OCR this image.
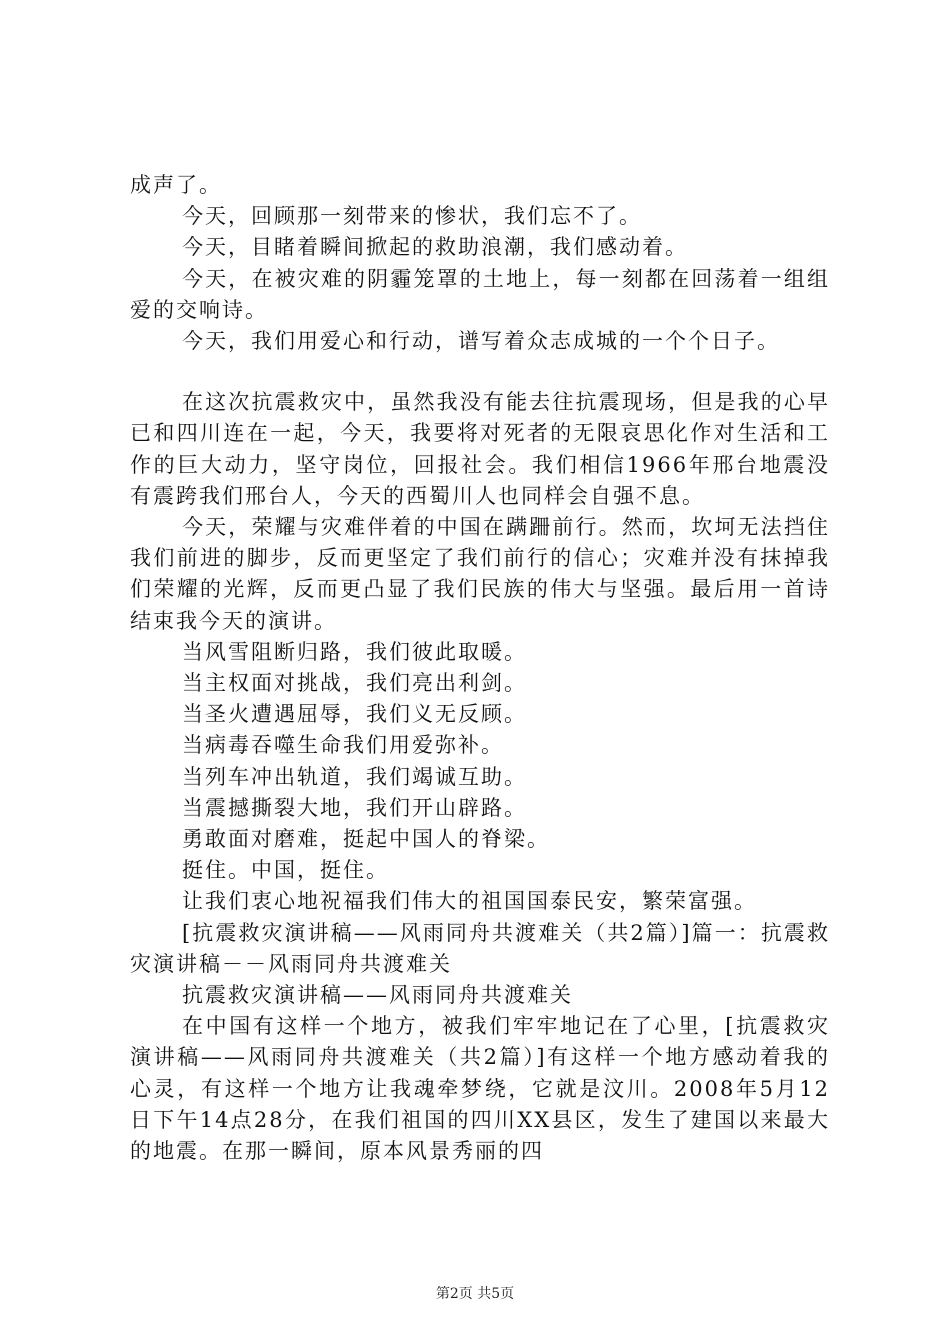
成声了。

今天，回顾那一刻带来的惨状，我们忘不了。

今天，目睹着瞬间掀起的救助浪潮，我们感动着。

今天，在被灾难的阴霾笼罩的土地上，每一刻都在回荡着一组组爱的交响诗。

今天，我们用爱心和行动，谱写着众志成城的一个个日子。

在这次抗震救灾中，虽然我没有能去往抗震现场，但是我的心早已和四川连在一起，今天，我要将对死者的无限哀思化作对生活和工作的巨大动力，坚守岗位，回报社会。我们相信1966年邢台地震没有震跨我们邢台人，今天的西蜀川人也同样会自强不息。

今天，荣耀与灾难伴着的中国在蹒跚前行。然而，坎坷无法挡住我们前进的脚步，反而更坚定了我们前行的信心；灾难并没有抹掉我们荣耀的光辉，反而更凸显了我们民族的伟大与坚强。最后用一首诗结束我今天的演讲。

当风雪阻断归路，我们彼此取暖。

当主权面对挑战，我们亮出利剑。

当圣火遭遇屈辱，我们义无反顾。

当病毒吞噬生命我们用爱弥补。

当列车冲出轨道，我们竭诚互助。

当震撼撕裂大地，我们开山辟路。

勇敢面对磨难，挺起中国人的脊梁。

挺住。中国，挺住。

让我们衷心地祝福我们伟大的祖国国泰民安，繁荣富强。

[抗震救灾演讲稿——风雨同舟共渡难关（共2篇）]篇一：抗震救灾演讲稿－－风雨同舟共渡难关

抗震救灾演讲稿——风雨同舟共渡难关

在中国有这样一个地方，被我们牢牢地记在了心里，[抗震救灾演讲稿——风雨同舟共渡难关（共2篇）]有这样一个地方感动着我的心灵，有这样一个地方让我魂牵梦绕，它就是汶川。2008年5月12日下午14点28分，在我们祖国的四川XX县区，发生了建国以来最大的地震。在那一瞬间，原本风景秀丽的四

第2页 共5页
